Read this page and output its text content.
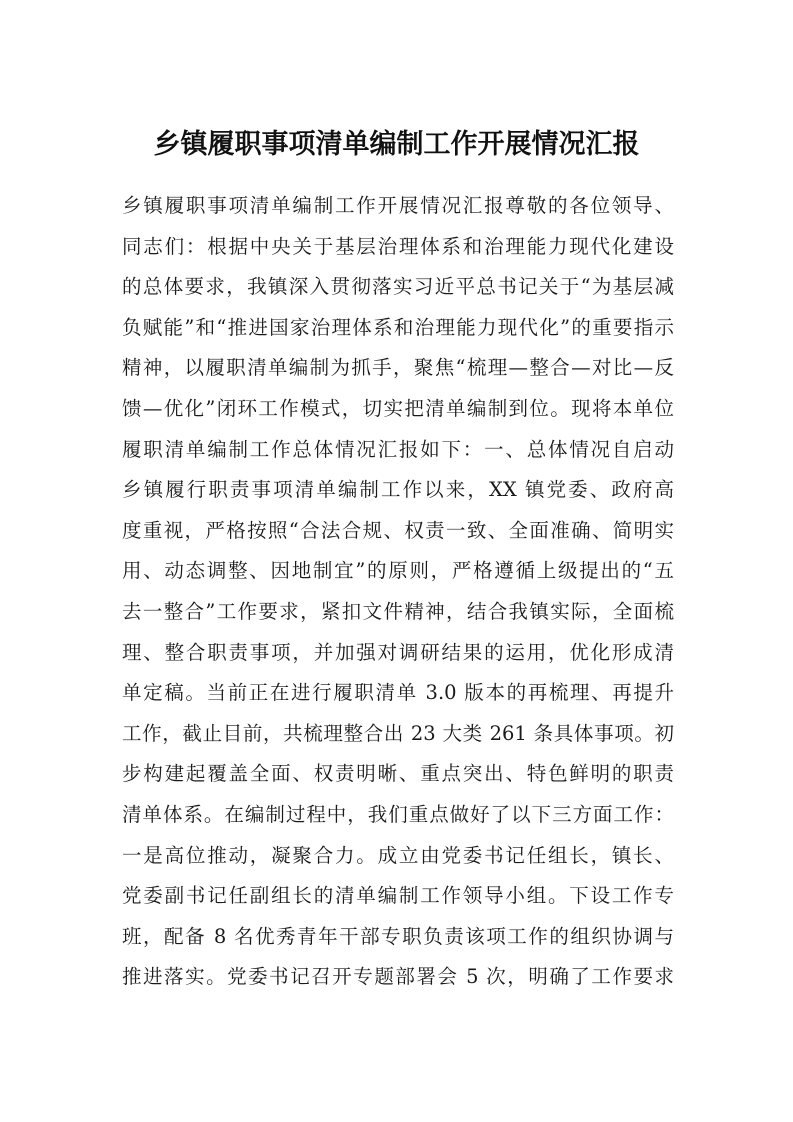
乡镇履职事项清单编制工作开展情况汇报
乡镇履职事项清单编制工作开展情况汇报尊敬的各位领导、
同志们：根据中央关于基层治理体系和治理能力现代化建设
的总体要求，我镇深入贯彻落实习近平总书记关于“为基层减
负赋能”和“推进国家治理体系和治理能力现代化”的重要指示
精神，以履职清单编制为抓手，聚焦“梳理—整合—对比—反
馈—优化”闭环工作模式，切实把清单编制到位。现将本单位
履职清单编制工作总体情况汇报如下：一、总体情况自启动
乡镇履行职责事项清单编制工作以来，XX 镇党委、政府高
度重视，严格按照“合法合规、权责一致、全面准确、简明实
用、动态调整、因地制宜”的原则，严格遵循上级提出的“五
去一整合”工作要求，紧扣文件精神，结合我镇实际，全面梳
理、整合职责事项，并加强对调研结果的运用，优化形成清
单定稿。当前正在进行履职清单 3.0 版本的再梳理、再提升
工作，截止目前，共梳理整合出 23 大类 261 条具体事项。初
步构建起覆盖全面、权责明晰、重点突出、特色鲜明的职责
清单体系。在编制过程中，我们重点做好了以下三方面工作：
一是高位推动，凝聚合力。成立由党委书记任组长，镇长、
党委副书记任副组长的清单编制工作领导小组。下设工作专
班，配备 8 名优秀青年干部专职负责该项工作的组织协调与
推进落实。党委书记召开专题部署会 5 次，明确了工作要求
